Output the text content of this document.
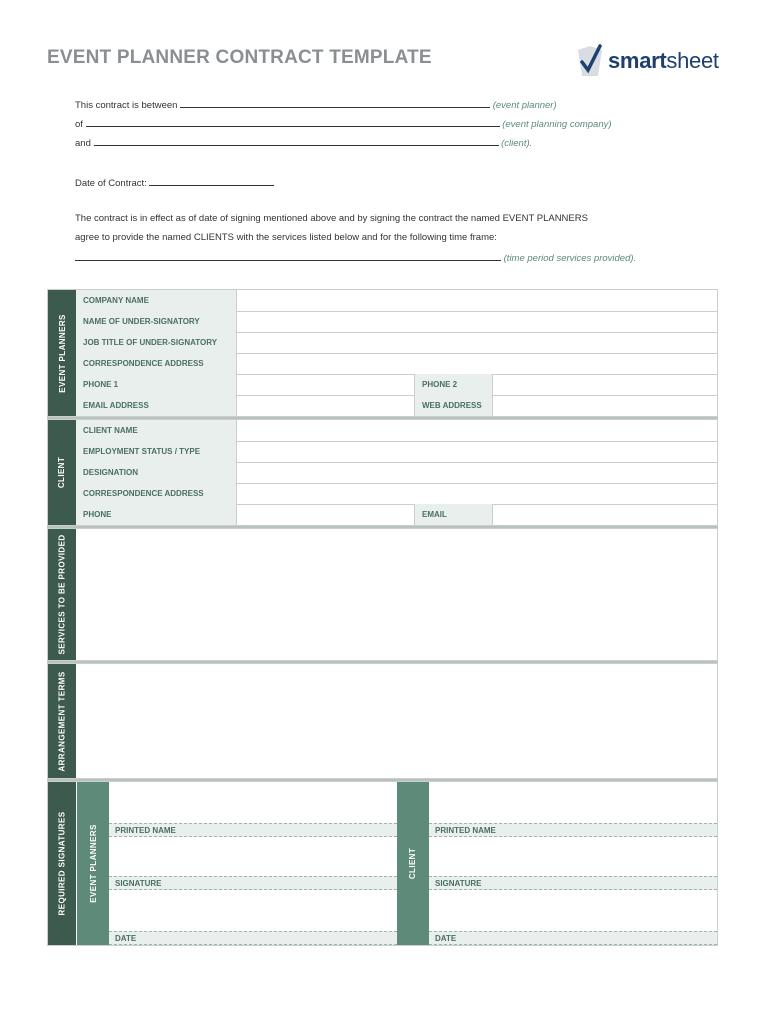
EVENT PLANNER CONTRACT TEMPLATE	smartsheet
This contract is between	(event planner)
of	(event planning company)
and	(client).
Date of Contract:
The contract is in effect as of date of signing mentioned above and by signing the contract the named EVENT PLANNERS
agree to provide the named CLIENTS with the services listed below and for the following time frame:
(time period services provided).
EVENT PLANNERS
COMPANY NAME
NAME OF UNDER-SIGNATORY
JOB TITLE OF UNDER-SIGNATORY
CORRESPONDENCE ADDRESS
PHONE 1	PHONE 2
EMAIL ADDRESS	WEB ADDRESS
CLIENT
CLIENT NAME
EMPLOYMENT STATUS / TYPE
DESIGNATION
CORRESPONDENCE ADDRESS
PHONE	EMAIL
SERVICES TO BE PROVIDED
ARRANGEMENT TERMS
REQUIRED SIGNATURES	EVENT PLANNERS	PRINTED NAME
SIGNATURE
DATE
CLIENT
PRINTED NAME
SIGNATURE
DATE
